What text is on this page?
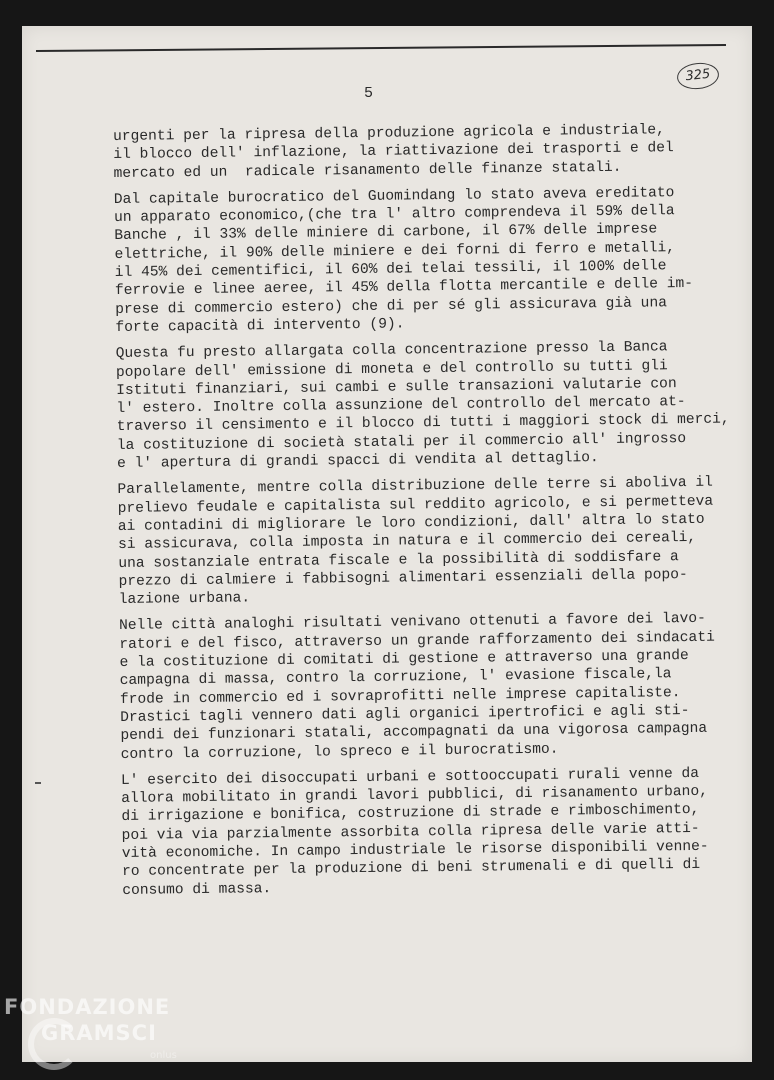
5
325
urgenti per la ripresa della produzione agricola e industriale,
il blocco dell' inflazione, la riattivazione dei trasporti e del
mercato ed un  radicale risanamento delle finanze statali.
Dal capitale burocratico del Guomindang lo stato aveva ereditato
un apparato economico,(che tra l' altro comprendeva il 59% della
Banche , il 33% delle miniere di carbone, il 67% delle imprese
elettriche, il 90% delle miniere e dei forni di ferro e metalli,
il 45% dei cementifici, il 60% dei telai tessili, il 100% delle
ferrovie e linee aeree, il 45% della flotta mercantile e delle im-
prese di commercio estero) che di per sé gli assicurava già una
forte capacità di intervento (9).
Questa fu presto allargata colla concentrazione presso la Banca
popolare dell' emissione di moneta e del controllo su tutti gli
Istituti finanziari, sui cambi e sulle transazioni valutarie con
l' estero. Inoltre colla assunzione del controllo del mercato at-
traverso il censimento e il blocco di tutti i maggiori stock di merci,
la costituzione di società statali per il commercio all' ingrosso
e l' apertura di grandi spacci di vendita al dettaglio.
Parallelamente, mentre colla distribuzione delle terre si aboliva il
prelievo feudale e capitalista sul reddito agricolo, e si permetteva
ai contadini di migliorare le loro condizioni, dall' altra lo stato
si assicurava, colla imposta in natura e il commercio dei cereali,
una sostanziale entrata fiscale e la possibilità di soddisfare a
prezzo di calmiere i fabbisogni alimentari essenziali della popo-
lazione urbana.
Nelle città analoghi risultati venivano ottenuti a favore dei lavo-
ratori e del fisco, attraverso un grande rafforzamento dei sindacati
e la costituzione di comitati di gestione e attraverso una grande
campagna di massa, contro la corruzione, l' evasione fiscale,la
frode in commercio ed i sovraprofitti nelle imprese capitaliste.
Drastici tagli vennero dati agli organici ipertrofici e agli sti-
pendi dei funzionari statali, accompagnati da una vigorosa campagna
contro la corruzione, lo spreco e il burocratismo.
L' esercito dei disoccupati urbani e sottooccupati rurali venne da
allora mobilitato in grandi lavori pubblici, di risanamento urbano,
di irrigazione e bonifica, costruzione di strade e rimboschimento,
poi via via parzialmente assorbita colla ripresa delle varie atti-
vità economiche. In campo industriale le risorse disponibili venne-
ro concentrate per la produzione di beni strumenali e di quelli di
consumo di massa.
FONDAZIONE
GRAMSCI
onlus
